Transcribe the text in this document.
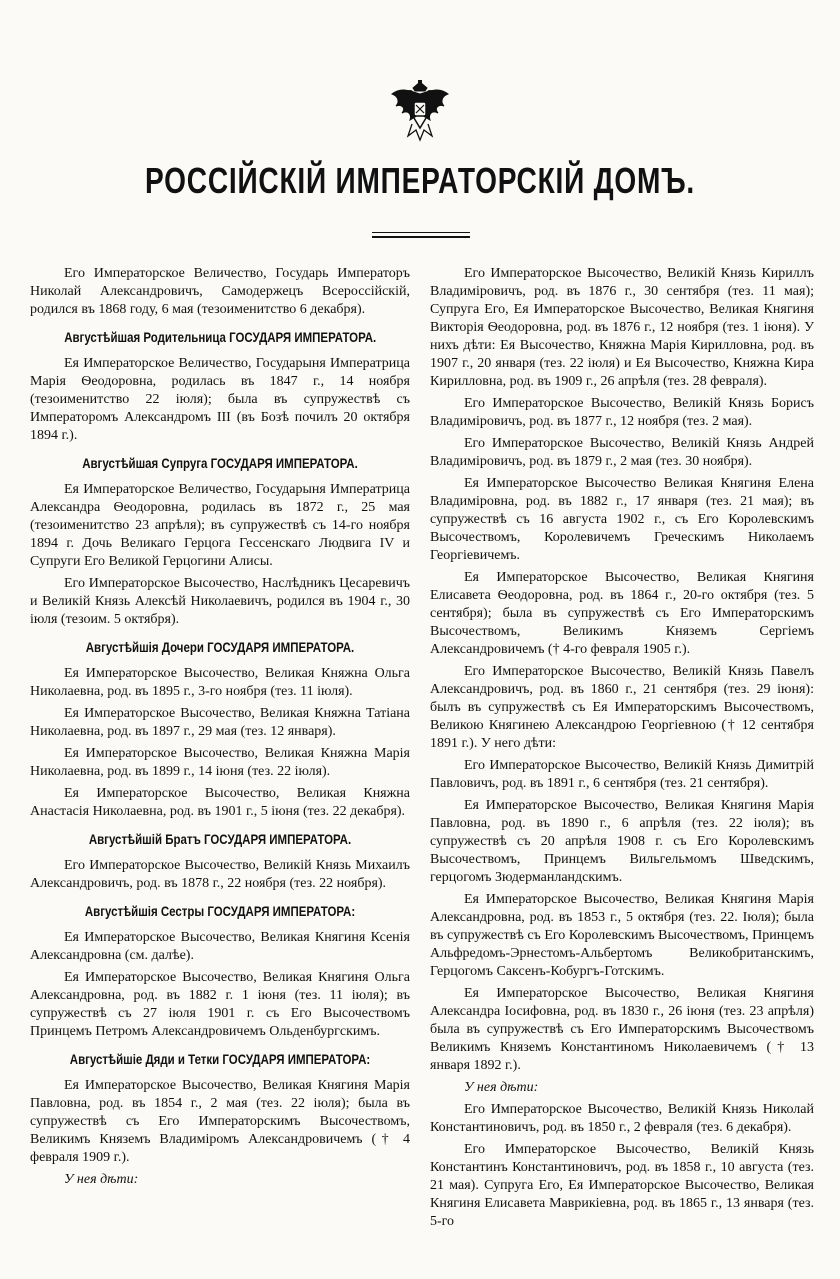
РОССІЙСКІЙ ИМПЕРАТОРСКІЙ ДОМЪ.

Его Императорское Величество, Государь Императоръ Николай Александровичъ, Самодержецъ Всероссійскій, родился въ 1868 году, 6 мая (тезоименитство 6 декабря).

Августѣйшая Родительница ГОСУДАРЯ ИМПЕРАТОРА.

Ея Императорское Величество, Государыня Императрица Марія Ѳеодоровна, родилась въ 1847 г., 14 ноября (тезоименитство 22 іюля); была въ супружествѣ съ Императоромъ Александромъ III (въ Бозѣ почилъ 20 октября 1894 г.).

Августѣйшая Супруга ГОСУДАРЯ ИМПЕРАТОРА.

Ея Императорское Величество, Государыня Императрица Александра Ѳеодоровна, родилась въ 1872 г., 25 мая (тезоименитство 23 апрѣля); въ супружествѣ съ 14-го ноября 1894 г. Дочь Великаго Герцога Гессенскаго Людвига IV и Супруги Его Великой Герцогини Алисы.

Его Императорское Высочество, Наслѣдникъ Цесаревичъ и Великій Князь Алексѣй Николаевичъ, родился въ 1904 г., 30 іюля (тезоим. 5 октября).

Августѣйшія Дочери ГОСУДАРЯ ИМПЕРАТОРА.

Ея Императорское Высочество, Великая Княжна Ольга Николаевна, род. въ 1895 г., 3-го ноября (тез. 11 іюля).

Ея Императорское Высочество, Великая Княжна Татіана Николаевна, род. въ 1897 г., 29 мая (тез. 12 января).

Ея Императорское Высочество, Великая Княжна Марія Николаевна, род. въ 1899 г., 14 іюня (тез. 22 іюля).

Ея Императорское Высочество, Великая Княжна Анастасія Николаевна, род. въ 1901 г., 5 іюня (тез. 22 декабря).

Августѣйшій Братъ ГОСУДАРЯ ИМПЕРАТОРА.

Его Императорское Высочество, Великій Князь Михаилъ Александровичъ, род. въ 1878 г., 22 ноября (тез. 22 ноября).

Августѣйшія Сестры ГОСУДАРЯ ИМПЕРАТОРА:

Ея Императорское Высочество, Великая Княгиня Ксенія Александровна (см. далѣе).

Ея Императорское Высочество, Великая Княгиня Ольга Александровна, род. въ 1882 г. 1 іюня (тез. 11 іюля); въ супружествѣ съ 27 іюля 1901 г. съ Его Высочествомъ Принцемъ Петромъ Александровичемъ Ольденбургскимъ.

Августѣйшіе Дяди и Тетки ГОСУДАРЯ ИМПЕРАТОРА:

Ея Императорское Высочество, Великая Княгиня Марія Павловна, род. въ 1854 г., 2 мая (тез. 22 іюля); была въ супружествѣ съ Его Императорскимъ Высочествомъ, Великимъ Княземъ Владиміромъ Александровичемъ († 4 февраля 1909 г.).

У нея дѣти:

Его Императорское Высочество, Великій Князь Кириллъ Владиміровичъ, род. въ 1876 г., 30 сентября (тез. 11 мая); Супруга Его, Ея Императорское Высочество, Великая Княгиня Викторія Ѳеодоровна, род. въ 1876 г., 12 ноября (тез. 1 іюня). У нихъ дѣти: Ея Высочество, Княжна Марія Кирилловна, род. въ 1907 г., 20 января (тез. 22 іюля) и Ея Высочество, Княжна Кира Кирилловна, род. въ 1909 г., 26 апрѣля (тез. 28 февраля).

Его Императорское Высочество, Великій Князь Борисъ Владиміровичъ, род. въ 1877 г., 12 ноября (тез. 2 мая).

Его Императорское Высочество, Великій Князь Андрей Владиміровичъ, род. въ 1879 г., 2 мая (тез. 30 ноября).

Ея Императорское Высочество Великая Княгиня Елена Владиміровна, род. въ 1882 г., 17 января (тез. 21 мая); въ супружествѣ съ 16 августа 1902 г., съ Его Королевскимъ Высочествомъ, Королевичемъ Греческимъ Николаемъ Георгіевичемъ.

Ея Императорское Высочество, Великая Княгиня Елисавета Ѳеодоровна, род. въ 1864 г., 20-го октября (тез. 5 сентября); была въ супружествѣ съ Его Императорскимъ Высочествомъ, Великимъ Княземъ Сергіемъ Александровичемъ († 4-го февраля 1905 г.).

Его Императорское Высочество, Великій Князь Павелъ Александровичъ, род. въ 1860 г., 21 сентября (тез. 29 іюня): былъ въ супружествѣ съ Ея Императорскимъ Высочествомъ, Великою Княгинею Александрою Георгіевною († 12 сентября 1891 г.). У него дѣти:

Его Императорское Высочество, Великій Князь Димитрій Павловичъ, род. въ 1891 г., 6 сентября (тез. 21 сентября).

Ея Императорское Высочество, Великая Княгиня Марія Павловна, род. въ 1890 г., 6 апрѣля (тез. 22 іюля); въ супружествѣ съ 20 апрѣля 1908 г. съ Его Королевскимъ Высочествомъ, Принцемъ Вильгельмомъ Шведскимъ, герцогомъ Зюдерманландскимъ.

Ея Императорское Высочество, Великая Княгиня Марія Александровна, род. въ 1853 г., 5 октября (тез. 22. Іюля); была въ супружествѣ съ Его Королевскимъ Высочествомъ, Принцемъ Альфредомъ-Эрнестомъ-Альбертомъ Великобританскимъ, Герцогомъ Саксенъ-Кобургъ-Готскимъ.

Ея Императорское Высочество, Великая Княгиня Александра Іосифовна, род. въ 1830 г., 26 іюня (тез. 23 апрѣля) была въ супружествѣ съ Его Императорскимъ Высочествомъ Великимъ Княземъ Константиномъ Николаевичемъ († 13 января 1892 г.).

У нея дѣти:

Его Императорское Высочество, Великій Князь Николай Константиновичъ, род. въ 1850 г., 2 февраля (тез. 6 декабря).

Его Императорское Высочество, Великій Князь Константинъ Константиновичъ, род. въ 1858 г., 10 августа (тез. 21 мая). Супруга Его, Ея Императорское Высочество, Великая Княгиня Елисавета Маврикіевна, род. въ 1865 г., 13 января (тез. 5-го
